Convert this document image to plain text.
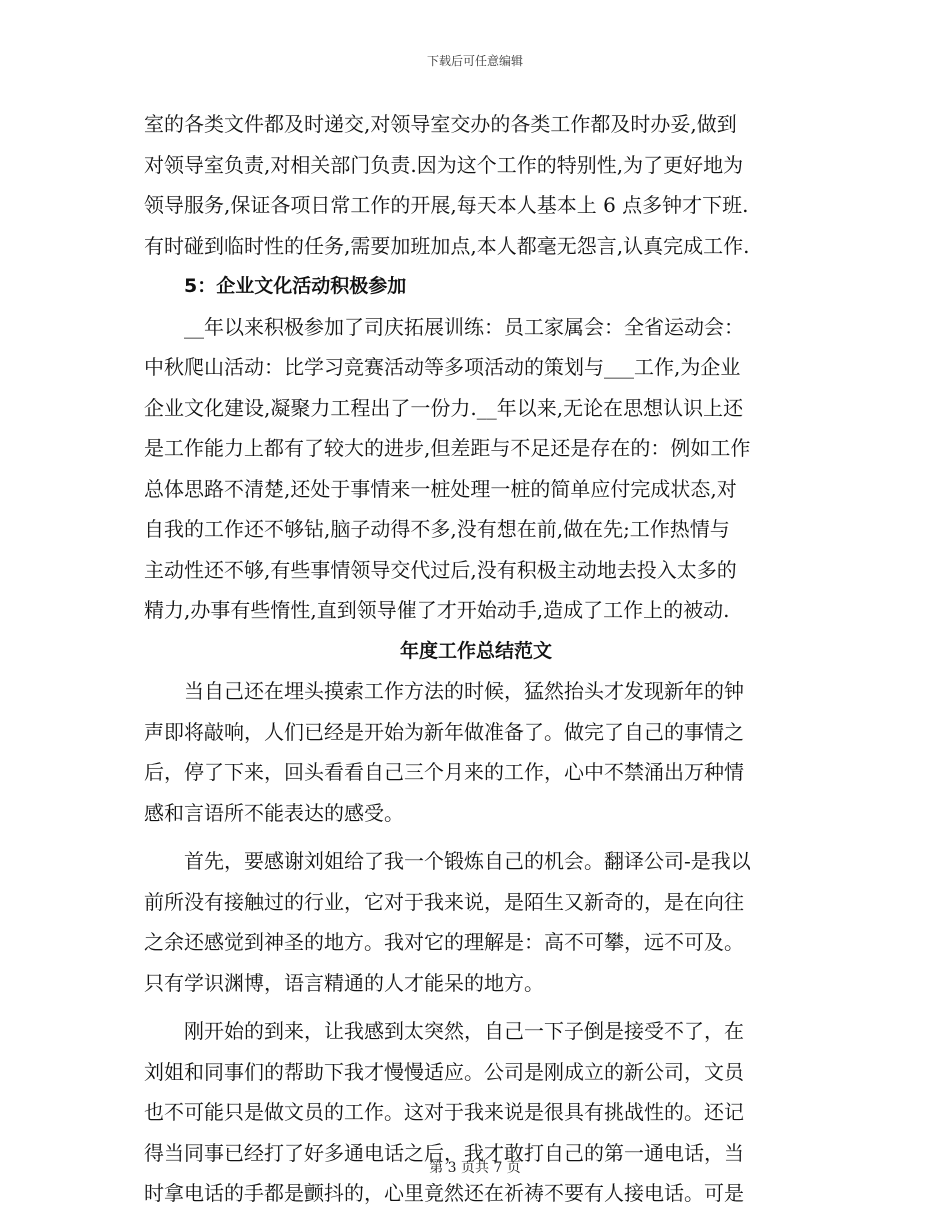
下载后可任意编辑
室的各类文件都及时递交,对领导室交办的各类工作都及时办妥,做到
对领导室负责,对相关部门负责.因为这个工作的特别性,为了更好地为
领导服务,保证各项日常工作的开展,每天本人基本上 6 点多钟才下班.
有时碰到临时性的任务,需要加班加点,本人都毫无怨言,认真完成工作.
5：企业文化活动积极参加
__年以来积极参加了司庆拓展训练：员工家属会：全省运动会：
中秋爬山活动：比学习竞赛活动等多项活动的策划与___工作,为企业
企业文化建设,凝聚力工程出了一份力.__年以来,无论在思想认识上还
是工作能力上都有了较大的进步,但差距与不足还是存在的：例如工作
总体思路不清楚,还处于事情来一桩处理一桩的简单应付完成状态,对
自我的工作还不够钻,脑子动得不多,没有想在前,做在先;工作热情与
主动性还不够,有些事情领导交代过后,没有积极主动地去投入太多的
精力,办事有些惰性,直到领导催了才开始动手,造成了工作上的被动.
年度工作总结范文
当自己还在埋头摸索工作方法的时候，猛然抬头才发现新年的钟
声即将敲响，人们已经是开始为新年做准备了。做完了自己的事情之
后，停了下来，回头看看自己三个月来的工作，心中不禁涌出万种情
感和言语所不能表达的感受。
首先，要感谢刘姐给了我一个锻炼自己的机会。翻译公司-是我以
前所没有接触过的行业，它对于我来说，是陌生又新奇的，是在向往
之余还感觉到神圣的地方。我对它的理解是：高不可攀，远不可及。
只有学识渊博，语言精通的人才能呆的地方。
刚开始的到来，让我感到太突然，自己一下子倒是接受不了，在
刘姐和同事们的帮助下我才慢慢适应。公司是刚成立的新公司，文员
也不可能只是做文员的工作。这对于我来说是很具有挑战性的。还记
得当同事已经打了好多通电话之后，我才敢打自己的第一通电话，当
时拿电话的手都是颤抖的，心里竟然还在祈祷不要有人接电话。可是
第 3 页共 7 页
